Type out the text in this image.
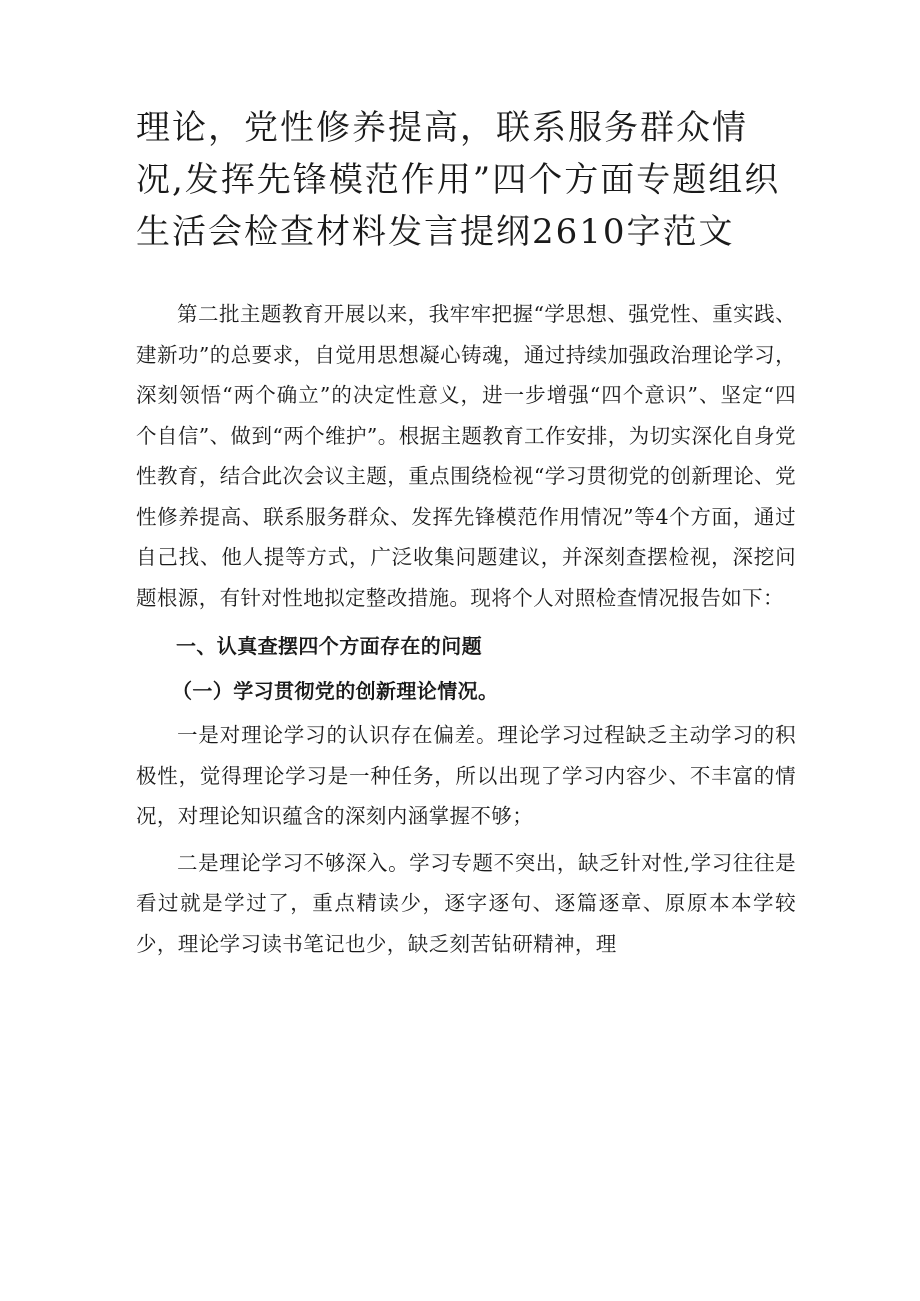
理论，党性修养提高，联系服务群众情况,发挥先锋模范作用”四个方面专题组织生活会检查材料发言提纲2610字范文

第二批主题教育开展以来，我牢牢把握“学思想、强党性、重实践、建新功”的总要求，自觉用思想凝心铸魂，通过持续加强政治理论学习，深刻领悟“两个确立”的决定性意义，进一步增强“四个意识”、坚定“四个自信”、做到“两个维护”。根据主题教育工作安排，为切实深化自身党性教育，结合此次会议主题，重点围绕检视“学习贯彻党的创新理论、党性修养提高、联系服务群众、发挥先锋模范作用情况”等4个方面，通过自己找、他人提等方式，广泛收集问题建议，并深刻查摆检视，深挖问题根源，有针对性地拟定整改措施。现将个人对照检查情况报告如下：

一、认真查摆四个方面存在的问题

（一）学习贯彻党的创新理论情况。

一是对理论学习的认识存在偏差。理论学习过程缺乏主动学习的积极性，觉得理论学习是一种任务，所以出现了学习内容少、不丰富的情况，对理论知识蕴含的深刻内涵掌握不够；

二是理论学习不够深入。学习专题不突出，缺乏针对性,学习往往是看过就是学过了，重点精读少，逐字逐句、逐篇逐章、原原本本学较少，理论学习读书笔记也少，缺乏刻苦钻研精神，理
